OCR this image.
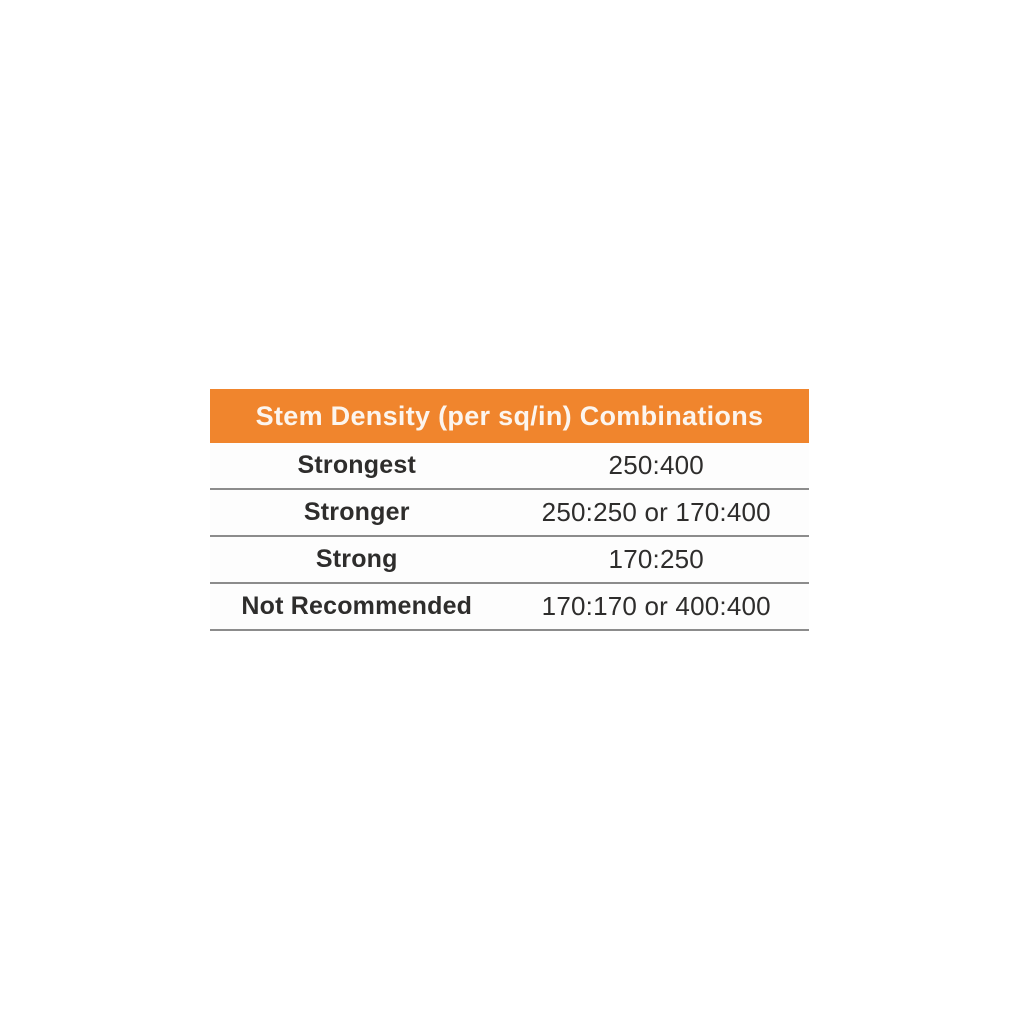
Stem Density (per sq/in) Combinations
Strongest	250:400
Stronger	250:250 or 170:400
Strong	170:250
Not Recommended	170:170 or 400:400
